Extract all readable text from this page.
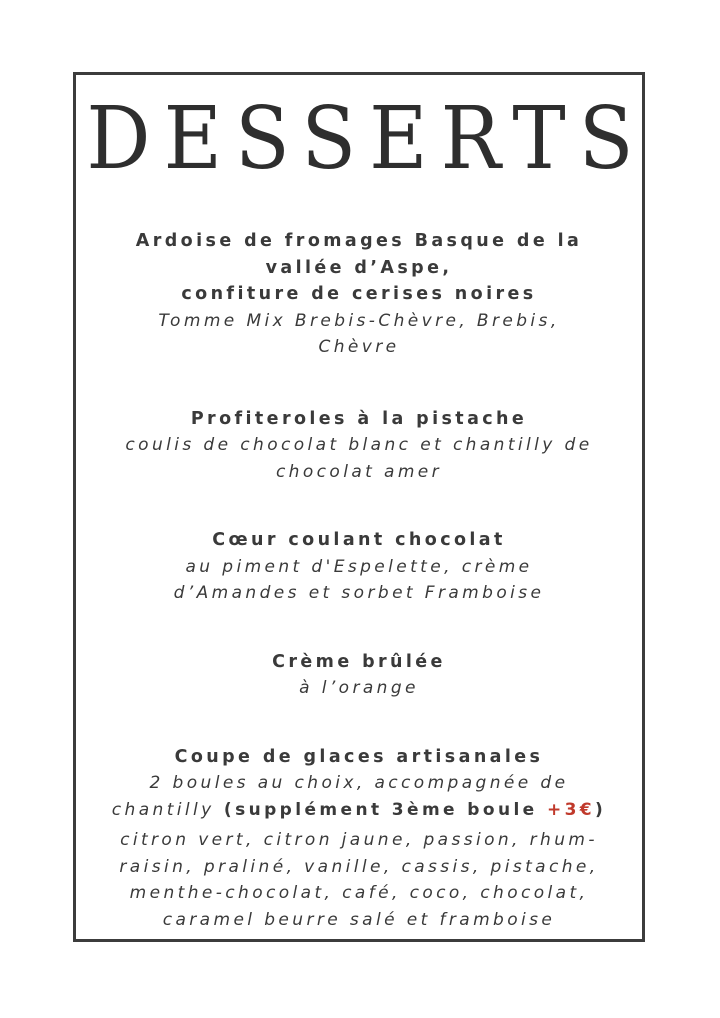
DESSERTS
Ardoise de fromages Basque de la
vallée d’Aspe,
confiture de cerises noires
Tomme Mix Brebis-Chèvre, Brebis,
Chèvre
Profiteroles à la pistache
coulis de chocolat blanc et chantilly de
chocolat amer
Cœur coulant chocolat
au piment d'Espelette, crème
d’Amandes et sorbet Framboise
Crème brûlée
à l’orange
Coupe de glaces artisanales
2 boules au choix, accompagnée de
chantilly (supplément 3ème boule +3€)
citron vert, citron jaune, passion, rhum-
raisin, praliné, vanille, cassis, pistache,
menthe-chocolat, café, coco, chocolat,
caramel beurre salé et framboise
